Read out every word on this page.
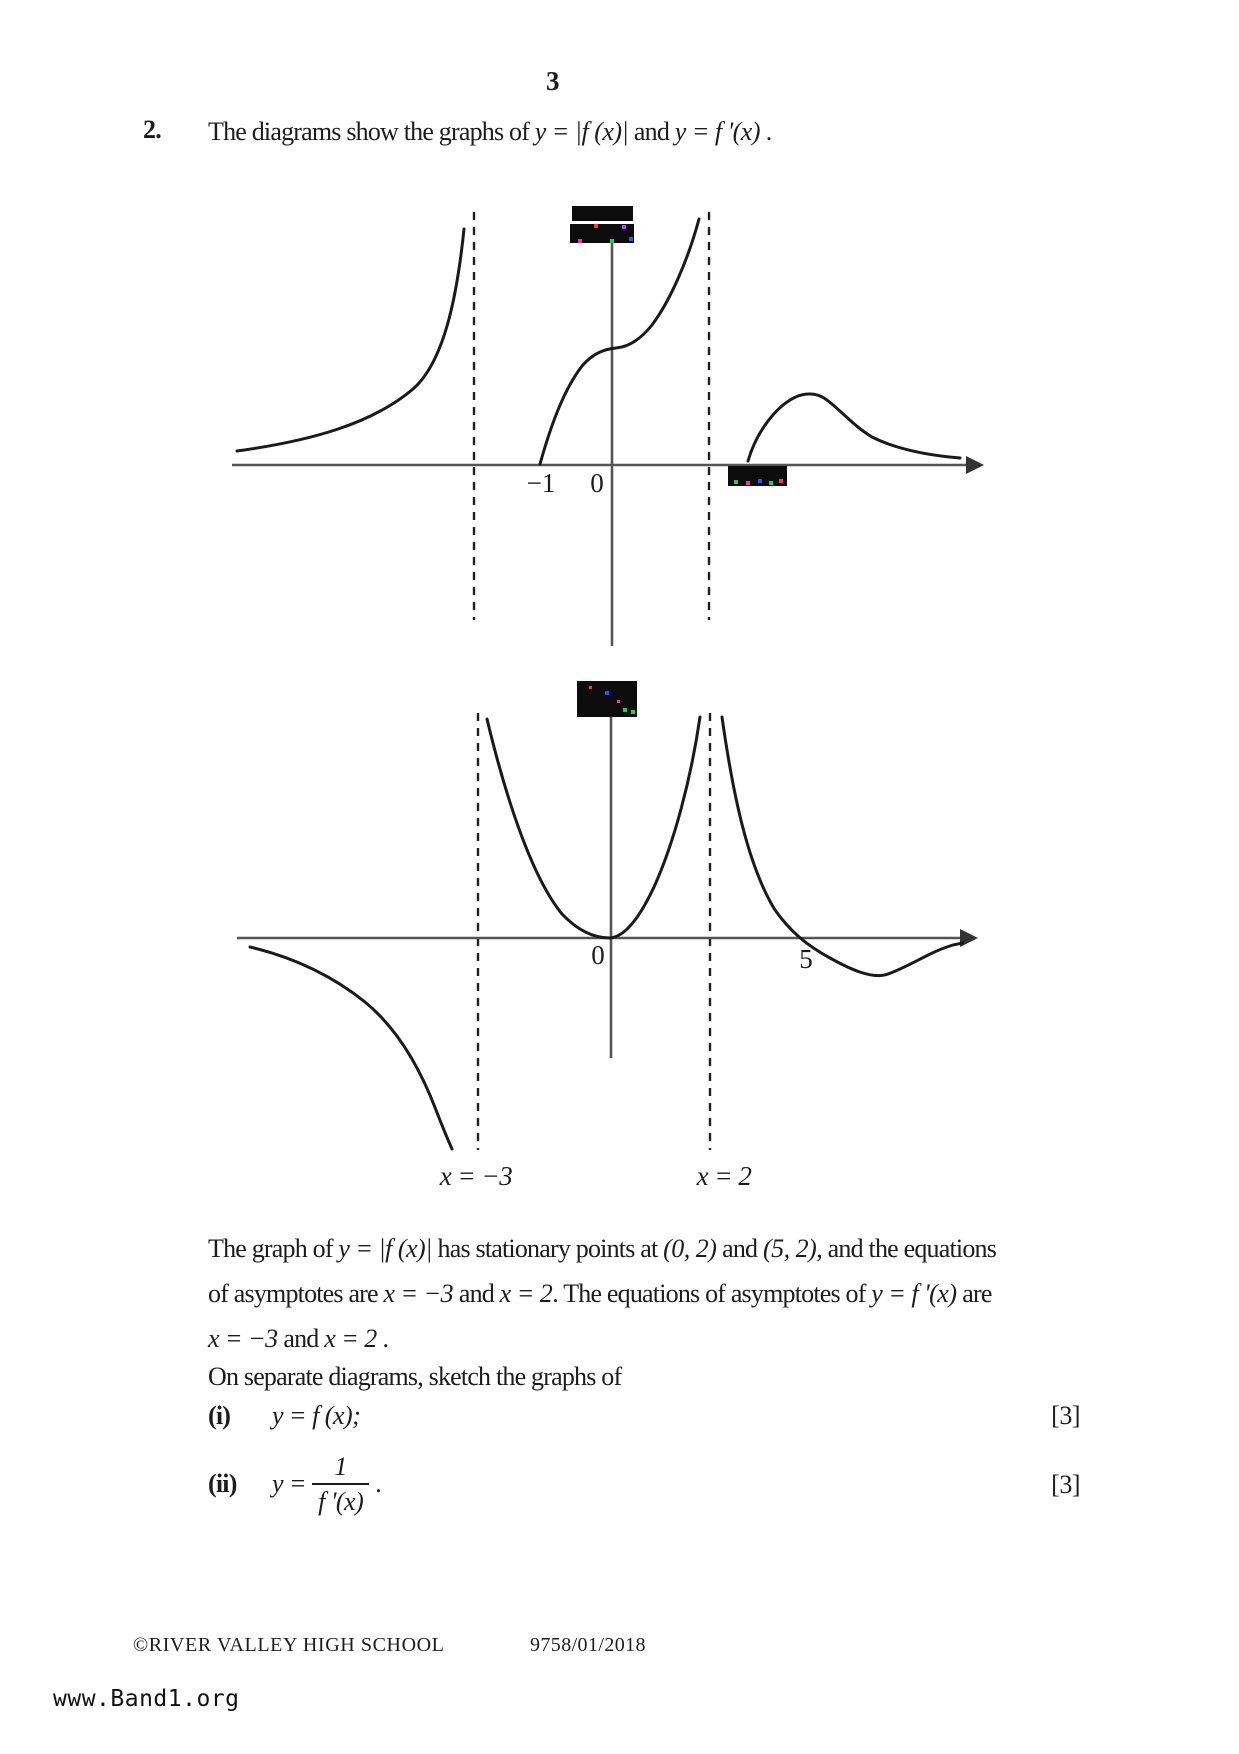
3
2. The diagrams show the graphs of y = |f (x)| and y = f '(x) .
−1 0
0	5
x = −3	x = 2
The graph of y = |f (x)| has stationary points at (0, 2) and (5, 2), and the equations
of asymptotes are x = −3 and x = 2. The equations of asymptotes of y = f '(x) are
x = −3 and x = 2 .
On separate diagrams, sketch the graphs of
(i) y = f (x);	[3]
(ii)	$y = \frac{1}{f '(x)}$ .	[3]
©RIVER VALLEY HIGH SCHOOL	9758/01/2018
www.Band1.org
